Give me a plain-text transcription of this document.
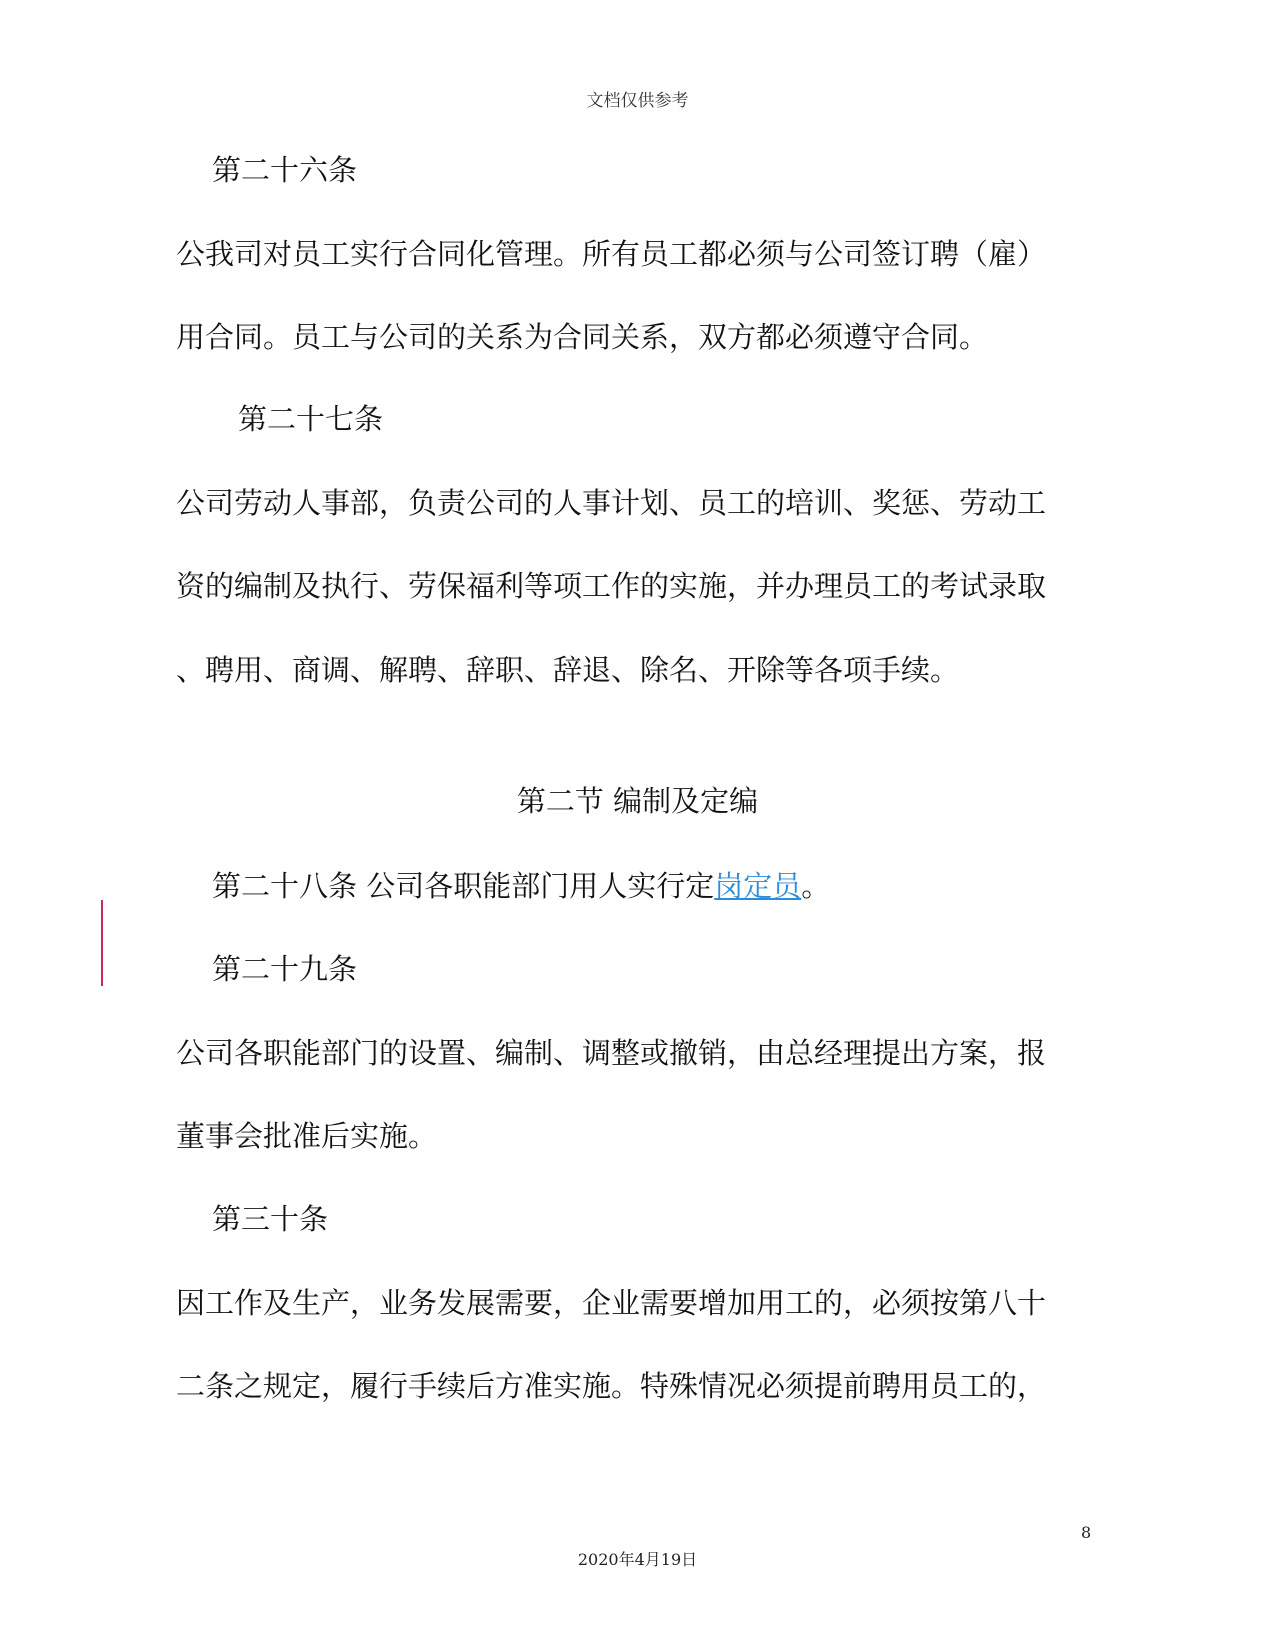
文档仅供参考
第二十六条
公我司对员工实行合同化管理。所有员工都必须与公司签订聘（雇）
用合同。员工与公司的关系为合同关系，双方都必须遵守合同。
第二十七条
公司劳动人事部，负责公司的人事计划、员工的培训、奖惩、劳动工
资的编制及执行、劳保福利等项工作的实施，并办理员工的考试录取
、聘用、商调、解聘、辞职、辞退、除名、开除等各项手续。
第二节 编制及定编
第二十八条 公司各职能部门用人实行定岗定员。
第二十九条
公司各职能部门的设置、编制、调整或撤销，由总经理提出方案，报
董事会批准后实施。
第三十条
因工作及生产，业务发展需要，企业需要增加用工的，必须按第八十
二条之规定，履行手续后方准实施。特殊情况必须提前聘用员工的，
8
2020年4月19日
